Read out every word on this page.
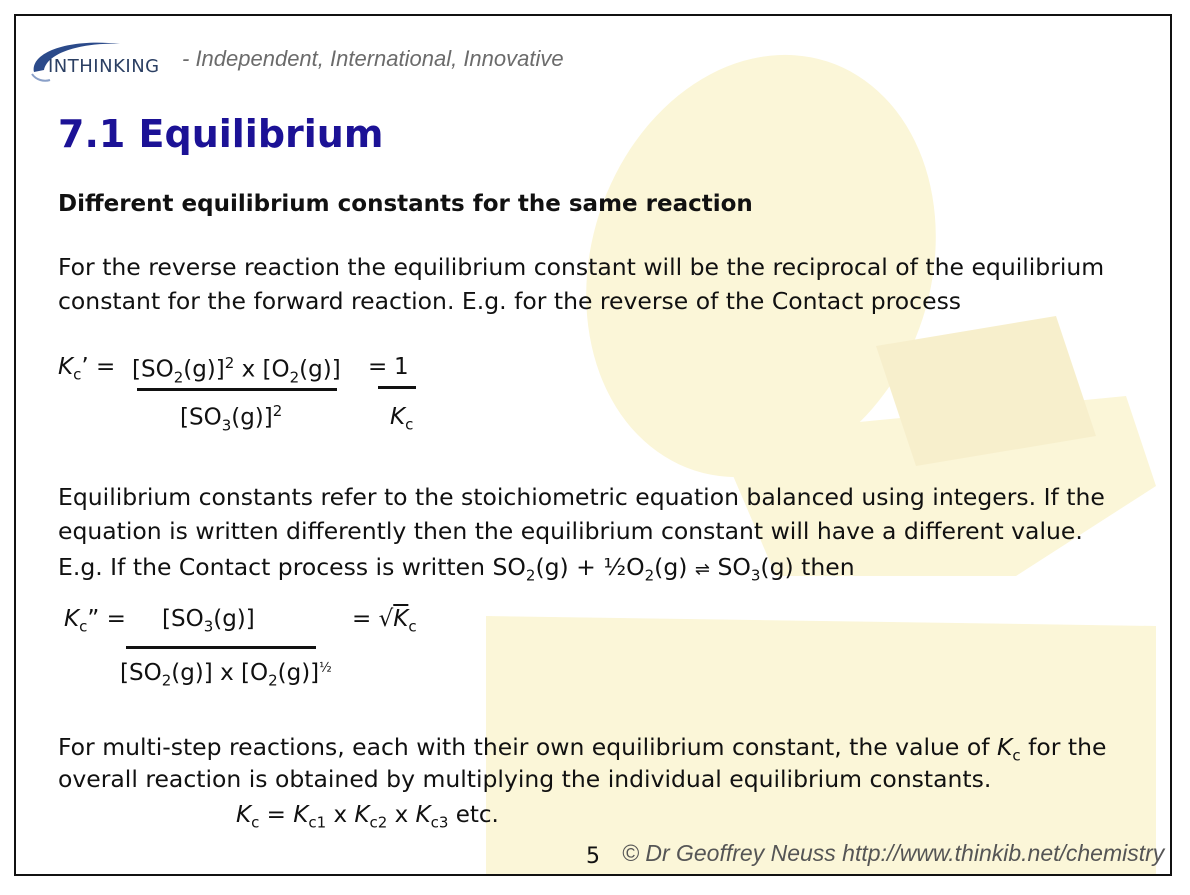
INTHINKING - Independent, International, Innovative
7.1 Equilibrium
Different equilibrium constants for the same reaction
For the reverse reaction the equilibrium constant will be the reciprocal of the equilibrium
constant for the forward reaction. E.g. for the reverse of the Contact process
$K_c$’ = $[SO_2(g)]^2$ x $[O_2(g)]$
$[SO_3(g)]^2$
= 1
$K_c$
Equilibrium constants refer to the stoichiometric equation balanced using integers. If the
equation is written differently then the equilibrium constant will have a different value.
E.g. If the Contact process is written $SO_2(g)$ + $\frac{1}{2}O_2(g)$ ⇌ $SO_3(g)$ then
$K_c$” = $[SO_3(g)]$
$[SO_2(g)]$ x $[O_2(g)]^{\frac{1}{2}}$
= $√K_c$
For multi-step reactions, each with their own equilibrium constant, the value of $K_c$ for the
overall reaction is obtained by multiplying the individual equilibrium constants.
$K_c = K_{c1}$ x $K_{c2}$ x $K_{c3}$ etc.
5 © Dr Geoffrey Neuss http://www.thinkib.net/chemistry
